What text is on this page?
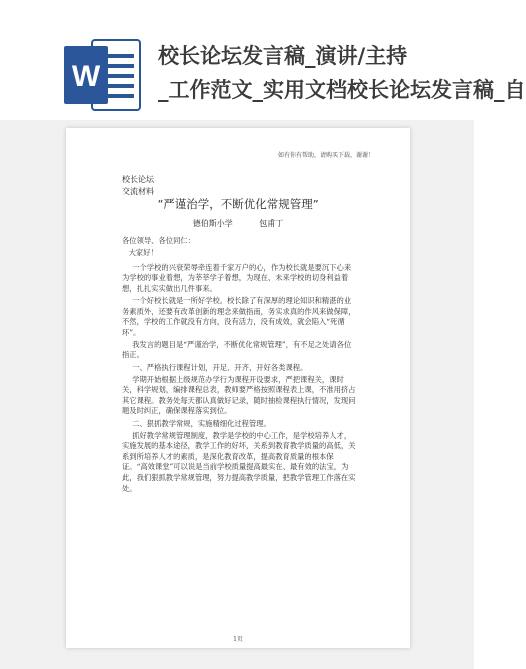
W
校长论坛发言稿_演讲/主持
_工作范文_实用文档校长论坛发言稿_自
如有你有帮助，请购买下载，谢谢！
校长论坛
交流材料
“严谨治学，不断优化常规管理”
德伯斯小学	包甫丁

各位领导、各位同仁：

大家好！

一个学校的兴衰荣辱牵连着千家万户的心，作为校长就是要沉下心来为学校的事业着想，为莘莘学子着想，为现在、未来学校的切身利益着想，扎扎实实做出几件事来。

一个好校长就是一所好学校。校长除了有深厚的理论知识和精湛的业务素质外，还要有改革创新的理念来做指南，务实求真的作风来做保障，不然，学校的工作就没有方向，没有活力，没有成效，就会陷入“死循环”。

我发言的题目是“严谨治学，不断优化常规管理”，有不足之处请各位指正。

一、严格执行课程计划，开足、开齐、开好各类课程。

学期开始根据上级规范办学行为课程开设要求，严把课程关，课时关，科学规划，编排课程总表，教师要严格按照课程表上课，不准用挤占其它课程。教务处每天都认真做好记录，随时抽检课程执行情况，发现问题及时纠正，确保课程落实到位。

二、狠抓教学常规，实施精细化过程管理。

抓好教学常规管理制度，教学是学校的中心工作，是学校培养人才，实施发展的基本途径，教学工作的好坏，关系到教育教学质量的高低，关系到所培养人才的素质，是深化教育改革，提高教育质量的根本保证。“高效课堂”可以说是当前学校质量提高最实在、最有效的法宝，为此，我们狠抓教学常规管理，努力提高教学质量，把教学管理工作落在实处。

1页
